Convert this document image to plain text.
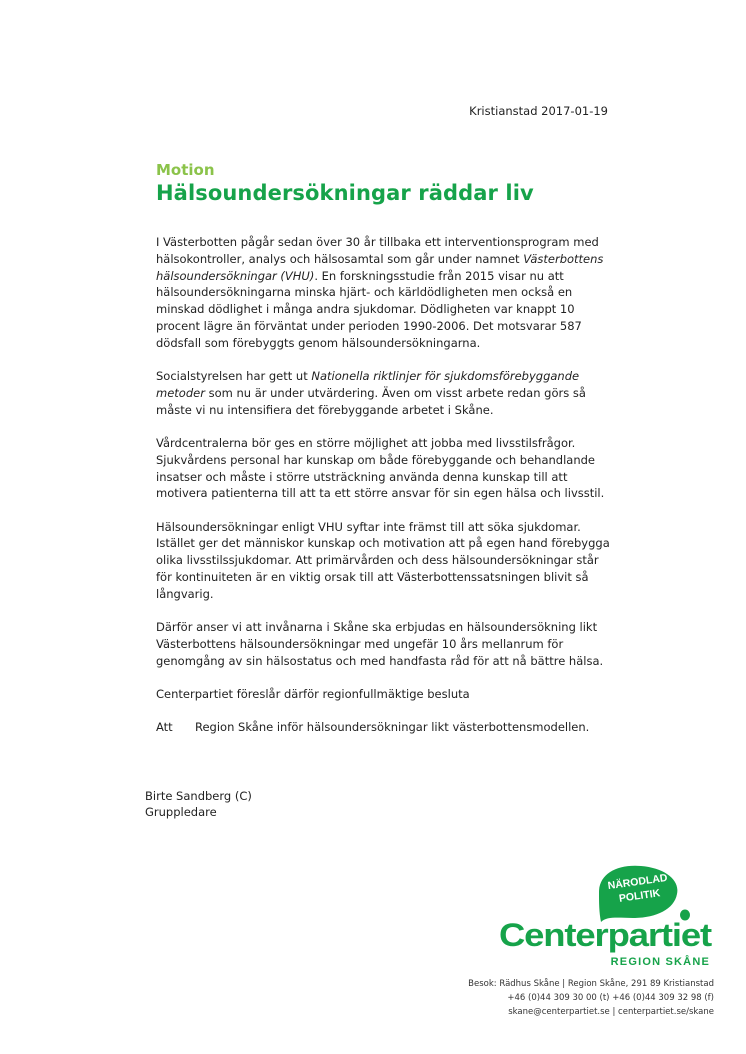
Kristianstad 2017-01-19
Motion
Hälsoundersökningar räddar liv

I Västerbotten pågår sedan över 30 år tillbaka ett interventionsprogram med hälsokontroller, analys och hälsosamtal som går under namnet Västerbottens hälsoundersökningar (VHU). En forskningsstudie från 2015 visar nu att hälsoundersökningarna minska hjärt- och kärldödligheten men också en minskad dödlighet i många andra sjukdomar. Dödligheten var knappt 10 procent lägre än förväntat under perioden 1990-2006. Det motsvarar 587 dödsfall som förebyggts genom hälsoundersökningarna.

Socialstyrelsen har gett ut Nationella riktlinjer för sjukdomsförebyggande metoder som nu är under utvärdering. Även om visst arbete redan görs så måste vi nu intensifiera det förebyggande arbetet i Skåne.

Vårdcentralerna bör ges en större möjlighet att jobba med livsstilsfrågor. Sjukvårdens personal har kunskap om både förebyggande och behandlande insatser och måste i större utsträckning använda denna kunskap till att motivera patienterna till att ta ett större ansvar för sin egen hälsa och livsstil.

Hälsoundersökningar enligt VHU syftar inte främst till att söka sjukdomar. Istället ger det människor kunskap och motivation att på egen hand förebygga olika livsstilssjukdomar. Att primärvården och dess hälsoundersökningar står för kontinuiteten är en viktig orsak till att Västerbottenssatsningen blivit så långvarig.

Därför anser vi att invånarna i Skåne ska erbjudas en hälsoundersökning likt Västerbottens hälsoundersökningar med ungefär 10 års mellanrum för genomgång av sin hälsostatus och med handfasta råd för att nå bättre hälsa.

Centerpartiet föreslår därför regionfullmäktige besluta

Att	Region Skåne inför hälsoundersökningar likt västerbottensmodellen.
Birte Sandberg (C)
Gruppledare
NÄRODLAD
POLITIK
Centerpartiet
REGION SKÅNE
Besok: Rädhus Skåne | Region Skåne, 291 89 Kristianstad
+46 (0)44 309 30 00 (t) +46 (0)44 309 32 98 (f)
skane@centerpartiet.se | centerpartiet.se/skane
